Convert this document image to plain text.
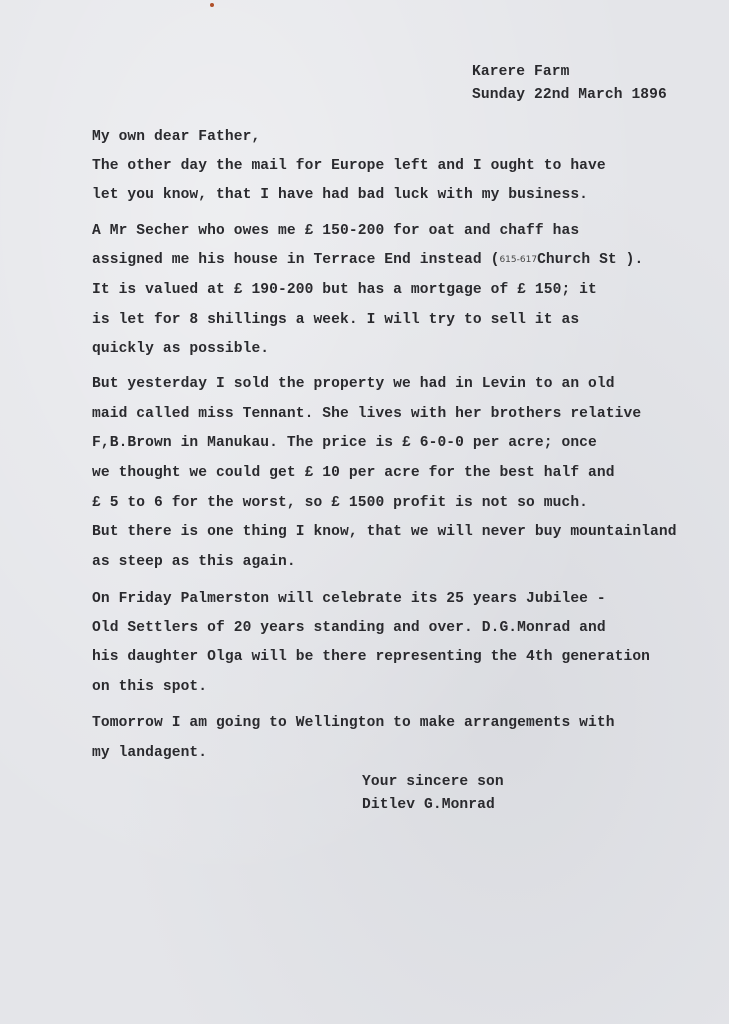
Karere Farm
Sunday 22nd March 1896
My own dear Father,
The other day the mail for Europe left and I ought to have
let you know, that I have had bad luck with my business.
A Mr Secher who owes me £ 150-200 for oat and chaff has
assigned me his house in Terrace End instead (615-617Church St ).
It is valued at £ 190-200 but has a mortgage of £ 150; it
is let for 8 shillings a week. I will try to sell it as
quickly as possible.
But yesterday I sold the property we had in Levin to an old
maid called miss Tennant. She lives with her brothers relative
F,B.Brown in Manukau. The price is £ 6-0-0 per acre; once
we thought we could get £ 10 per acre for the best half and
£ 5 to 6 for the worst, so £ 1500 profit is not so much.
But there is one thing I know, that we will never buy mountainland
as steep as this again.
On Friday Palmerston will celebrate its 25 years Jubilee -
Old Settlers of 20 years standing and over. D.G.Monrad and
his daughter Olga will be there representing the 4th generation
on this spot.
Tomorrow I am going to Wellington to make arrangements with
my landagent.
Your sincere son
Ditlev G.Monrad
